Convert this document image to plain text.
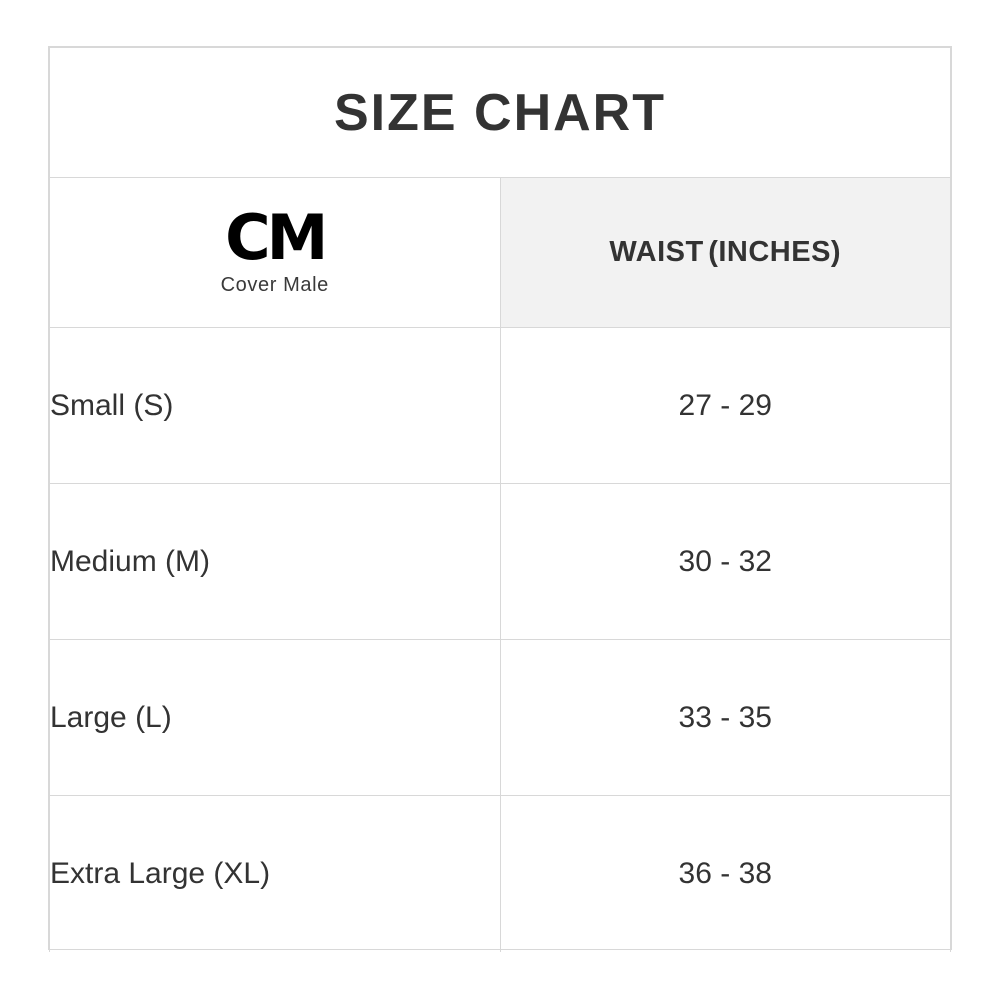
SIZE CHART	

CM
Cover Male	WAIST (INCHES)
Small (S)	27 - 29
Medium (M)	30 - 32
Large (L)	33 - 35
Extra Large (XL)	36 - 38
